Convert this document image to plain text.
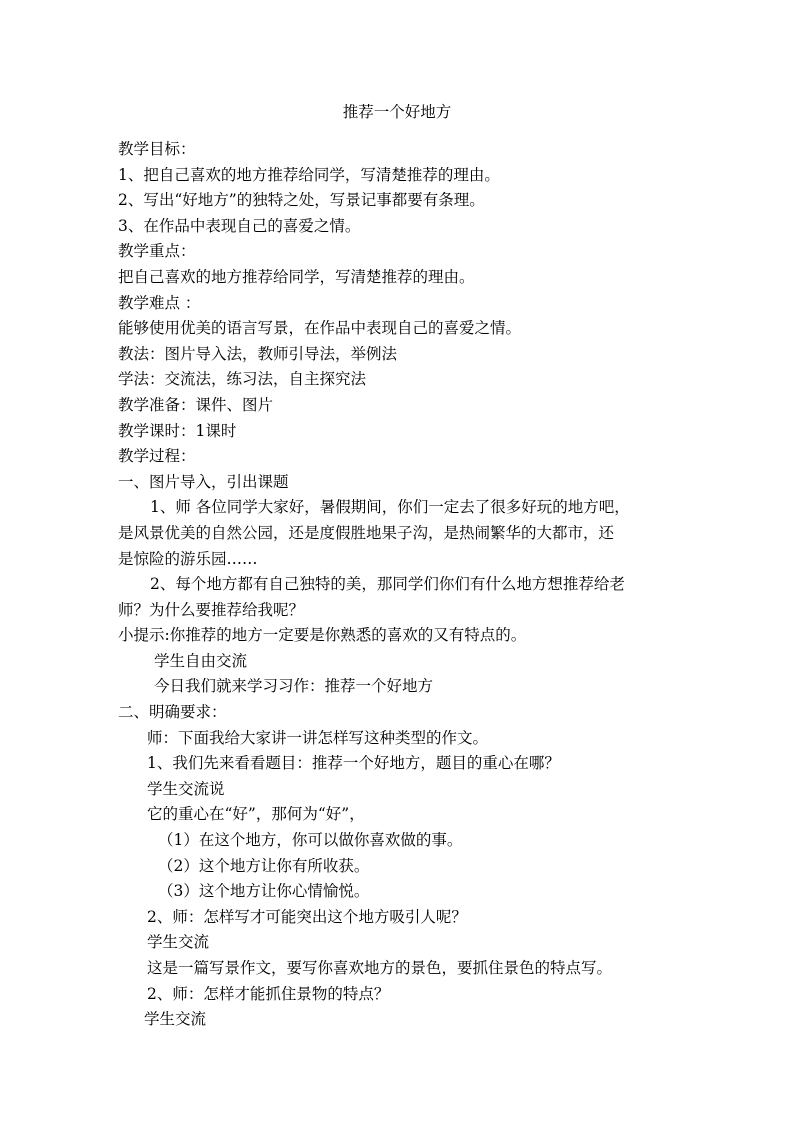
推荐一个好地方
教学目标：
1、把自己喜欢的地方推荐给同学，写清楚推荐的理由。
2、写出“好地方”的独特之处，写景记事都要有条理。
3、在作品中表现自己的喜爱之情。
教学重点：
把自己喜欢的地方推荐给同学，写清楚推荐的理由。
教学难点 ：
能够使用优美的语言写景，在作品中表现自己的喜爱之情。
教法：图片导入法，教师引导法，举例法
学法：交流法，练习法，自主探究法
教学准备：课件、图片
教学课时：1课时
教学过程：
一、图片导入，引出课题
1、师 各位同学大家好，暑假期间，你们一定去了很多好玩的地方吧，
是风景优美的自然公园，还是度假胜地果子沟，是热闹繁华的大都市，还
是惊险的游乐园……
2、每个地方都有自己独特的美，那同学们你们有什么地方想推荐给老
师？为什么要推荐给我呢？
小提示:你推荐的地方一定要是你熟悉的喜欢的又有特点的。
学生自由交流
今日我们就来学习习作：推荐一个好地方
二、明确要求：
师：下面我给大家讲一讲怎样写这种类型的作文。
1、我们先来看看题目：推荐一个好地方，题目的重心在哪？
学生交流说
它的重心在“好”，那何为“好”，
（1）在这个地方，你可以做你喜欢做的事。
（2）这个地方让你有所收获。
（3）这个地方让你心情愉悦。
2、师：怎样写才可能突出这个地方吸引人呢？
学生交流
这是一篇写景作文，要写你喜欢地方的景色，要抓住景色的特点写。
2、师：怎样才能抓住景物的特点？
学生交流
